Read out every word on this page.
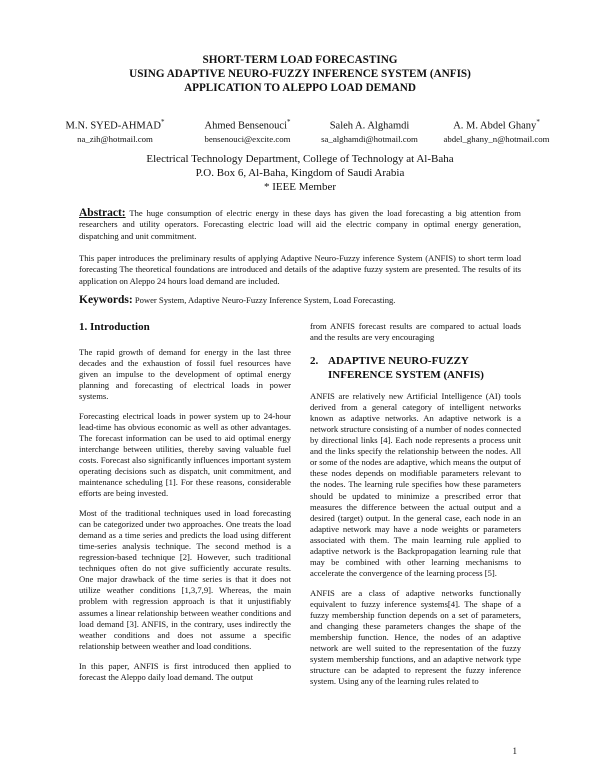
SHORT-TERM LOAD FORECASTING
USING ADAPTIVE NEURO-FUZZY INFERENCE SYSTEM (ANFIS)
APPLICATION TO ALEPPO LOAD DEMAND
M.N. SYED-AHMAD*
na_zih@hotmail.com
Ahmed Bensenouci*
bensenouci@excite.com
Saleh A. Alghamdi
sa_alghamdi@hotmail.com
A. M. Abdel Ghany*
abdel_ghany_n@hotmail.com
Electrical Technology Department, College of Technology at Al-Baha
P.O. Box 6, Al-Baha, Kingdom of Saudi Arabia
* IEEE Member
Abstract: The huge consumption of electric energy in these days has given the load forecasting a big attention from researchers and utility operators. Forecasting electric load will aid the electric company in optimal energy generation, dispatching and unit commitment.
This paper introduces the preliminary results of applying Adaptive Neuro-Fuzzy inference System (ANFIS) to short term load forecasting The theoretical foundations are introduced and details of the adaptive fuzzy system are presented. The results of its application on Aleppo 24 hours load demand are included.
Keywords: Power System, Adaptive Neuro-Fuzzy Inference System, Load Forecasting.
1. Introduction

The rapid growth of demand for energy in the last three decades and the exhaustion of fossil fuel resources have given an impulse to the development of optimal energy planning and forecasting of electrical loads in power systems.

Forecasting electrical loads in power system up to 24-hour lead-time has obvious economic as well as other advantages. The forecast information can be used to aid optimal energy interchange between utilities, thereby saving valuable fuel costs. Forecast also significantly influences important system operating decisions such as dispatch, unit commitment, and maintenance scheduling [1]. For these reasons, considerable efforts are being invested.

Most of the traditional techniques used in load forecasting can be categorized under two approaches. One treats the load demand as a time series and predicts the load using different time-series analysis technique. The second method is a regression-based technique [2]. However, such traditional techniques often do not give sufficiently accurate results. One major drawback of the time series is that it does not utilize weather conditions [1,3,7,9]. Whereas, the main problem with regression approach is that it unjustifiably assumes a linear relationship between weather conditions and load demand [3]. ANFIS, in the contrary, uses indirectly the weather conditions and does not assume a specific relationship between weather and load conditions.

In this paper, ANFIS is first introduced then applied to forecast the Aleppo daily load demand. The output

from ANFIS forecast results are compared to actual loads and the results are very encouraging

2. ADAPTIVE NEURO-FUZZY
INFERENCE SYSTEM (ANFIS)

ANFIS are relatively new Artificial Intelligence (AI) tools derived from a general category of intelligent networks known as adaptive networks. An adaptive network is a network structure consisting of a number of nodes connected by directional links [4]. Each node represents a process unit and the links specify the relationship between the nodes. All or some of the nodes are adaptive, which means the output of these nodes depends on modifiable parameters relevant to the nodes. The learning rule specifies how these parameters should be updated to minimize a prescribed error that measures the difference between the actual output and a desired (target) output. In the general case, each node in an adaptive network may have a node weights or parameters associated with them. The main learning rule applied to adaptive network is the Backpropagation learning rule that may be combined with other learning mechanisms to accelerate the convergence of the learning process [5].

ANFIS are a class of adaptive networks functionally equivalent to fuzzy inference systems[4]. The shape of a fuzzy membership function depends on a set of parameters, and changing these parameters changes the shape of the membership function. Hence, the nodes of an adaptive network are well suited to the representation of the fuzzy system membership functions, and an adaptive network type structure can be adapted to represent the fuzzy inference system. Using any of the learning rules related to

1
